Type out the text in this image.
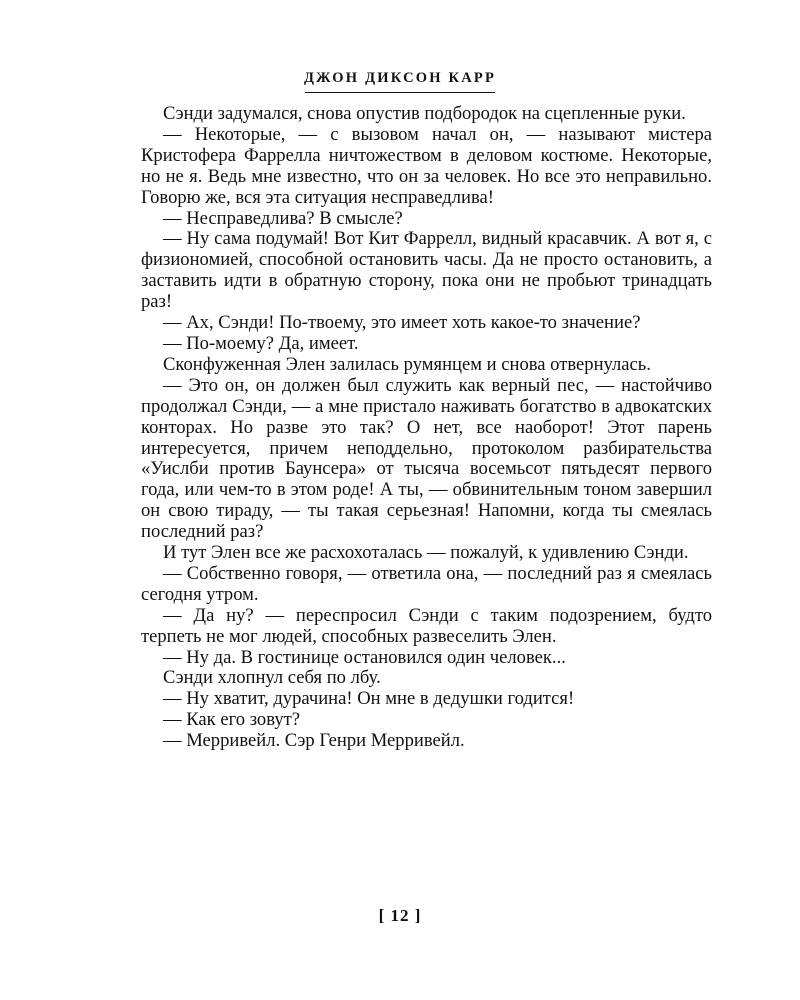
ДЖОН ДИКСОН КАРР

Сэнди задумался, снова опустив подбородок на сцепленные руки.

— Некоторые, — с вызовом начал он, — называют мистера Кристофера Фаррелла ничтожеством в деловом костюме. Некоторые, но не я. Ведь мне известно, что он за человек. Но все это неправильно. Говорю же, вся эта ситуация несправедлива!

— Несправедлива? В смысле?

— Ну сама подумай! Вот Кит Фаррелл, видный красавчик. А вот я, с физиономией, способной остановить часы. Да не просто остановить, а заставить идти в обратную сторону, пока они не пробьют тринадцать раз!

— Ах, Сэнди! По-твоему, это имеет хоть какое-то значение?

— По-моему? Да, имеет.

Сконфуженная Элен залилась румянцем и снова отвернулась.

— Это он, он должен был служить как верный пес, — настойчиво продолжал Сэнди, — а мне пристало наживать богатство в адвокатских конторах. Но разве это так? О нет, все наоборот! Этот парень интересуется, причем неподдельно, протоколом разбирательства «Уислби против Баунсера» от тысяча восемьсот пятьдесят первого года, или чем-то в этом роде! А ты, — обвинительным тоном завершил он свою тираду, — ты такая серьезная! Напомни, когда ты смеялась последний раз?

И тут Элен все же расхохоталась — пожалуй, к удивлению Сэнди.

— Собственно говоря, — ответила она, — последний раз я смеялась сегодня утром.

— Да ну? — переспросил Сэнди с таким подозрением, будто терпеть не мог людей, способных развеселить Элен.

— Ну да. В гостинице остановился один человек...

Сэнди хлопнул себя по лбу.

— Ну хватит, дурачина! Он мне в дедушки годится!

— Как его зовут?

— Мерривейл. Сэр Генри Мерривейл.

[ 12 ]
